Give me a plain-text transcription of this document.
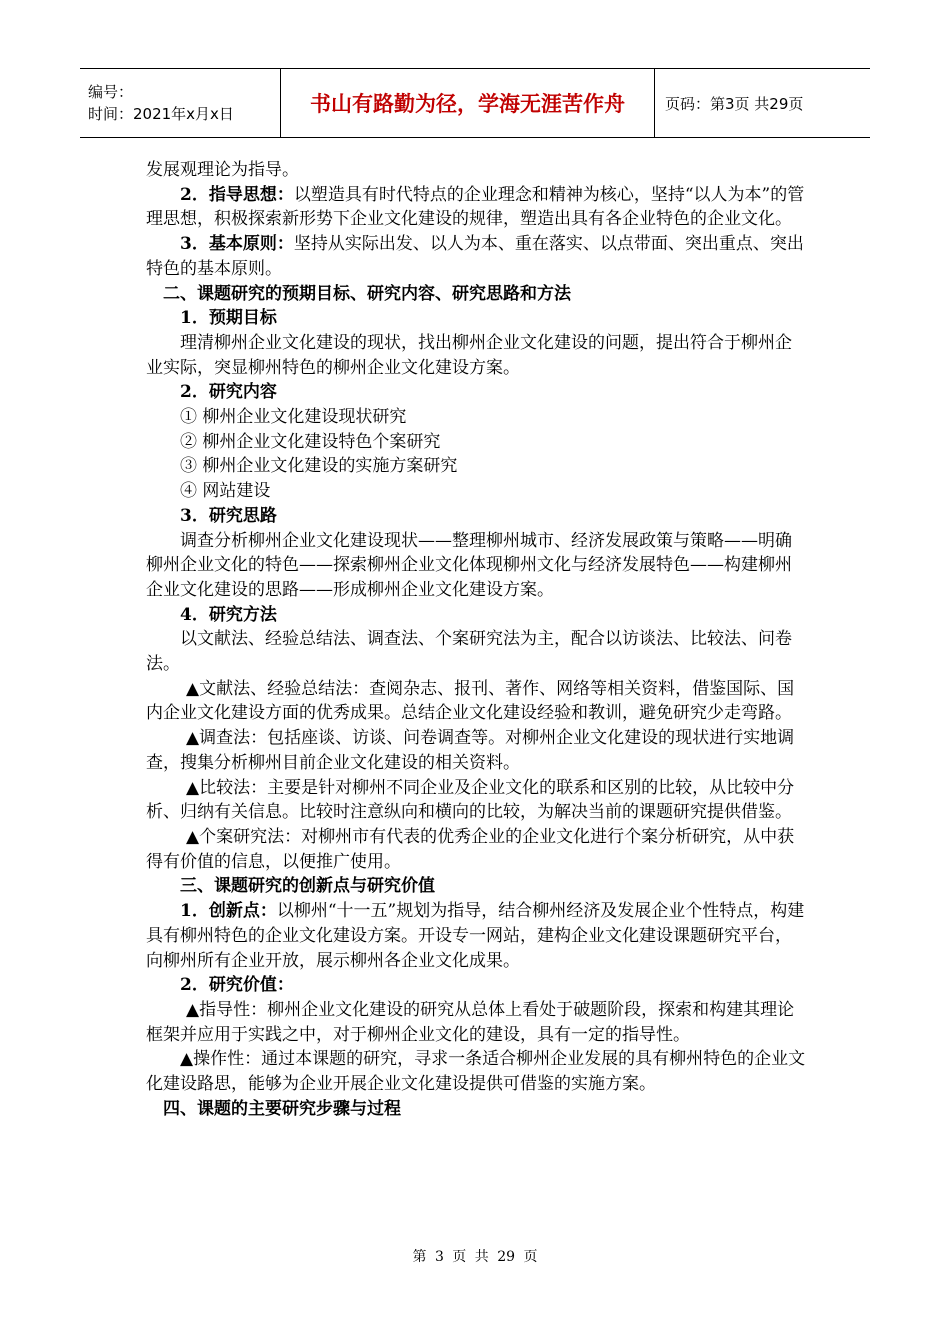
编号：
时间：2021年x月x日	书山有路勤为径，学海无涯苦作舟	页码：第3页 共29页

发展观理论为指导。

2．指导思想：以塑造具有时代特点的企业理念和精神为核心，坚持“以人为本”的管理思想，积极探索新形势下企业文化建设的规律，塑造出具有各企业特色的企业文化。

3．基本原则：坚持从实际出发、以人为本、重在落实、以点带面、突出重点、突出特色的基本原则。

二、课题研究的预期目标、研究内容、研究思路和方法

1．预期目标

理清柳州企业文化建设的现状，找出柳州企业文化建设的问题，提出符合于柳州企业实际，突显柳州特色的柳州企业文化建设方案。

2．研究内容

① 柳州企业文化建设现状研究

② 柳州企业文化建设特色个案研究

③ 柳州企业文化建设的实施方案研究

④ 网站建设

3．研究思路

调查分析柳州企业文化建设现状——整理柳州城市、经济发展政策与策略——明确柳州企业文化的特色——探索柳州企业文化体现柳州文化与经济发展特色——构建柳州企业文化建设的思路——形成柳州企业文化建设方案。

4．研究方法

以文献法、经验总结法、调查法、个案研究法为主，配合以访谈法、比较法、问卷法。

▲文献法、经验总结法：查阅杂志、报刊、著作、网络等相关资料，借鉴国际、国内企业文化建设方面的优秀成果。总结企业文化建设经验和教训，避免研究少走弯路。

▲调查法：包括座谈、访谈、问卷调查等。对柳州企业文化建设的现状进行实地调查，搜集分析柳州目前企业文化建设的相关资料。

▲比较法：主要是针对柳州不同企业及企业文化的联系和区别的比较，从比较中分析、归纳有关信息。比较时注意纵向和横向的比较，为解决当前的课题研究提供借鉴。

▲个案研究法：对柳州市有代表的优秀企业的企业文化进行个案分析研究，从中获得有价值的信息，以便推广使用。

三、课题研究的创新点与研究价值

1．创新点：以柳州“十一五”规划为指导，结合柳州经济及发展企业个性特点，构建具有柳州特色的企业文化建设方案。开设专一网站，建构企业文化建设课题研究平台，向柳州所有企业开放，展示柳州各企业文化成果。

2．研究价值：

▲指导性：柳州企业文化建设的研究从总体上看处于破题阶段，探索和构建其理论框架并应用于实践之中，对于柳州企业文化的建设，具有一定的指导性。

▲操作性：通过本课题的研究，寻求一条适合柳州企业发展的具有柳州特色的企业文化建设路思，能够为企业开展企业文化建设提供可借鉴的实施方案。

四、课题的主要研究步骤与过程

第 3 页 共 29 页
